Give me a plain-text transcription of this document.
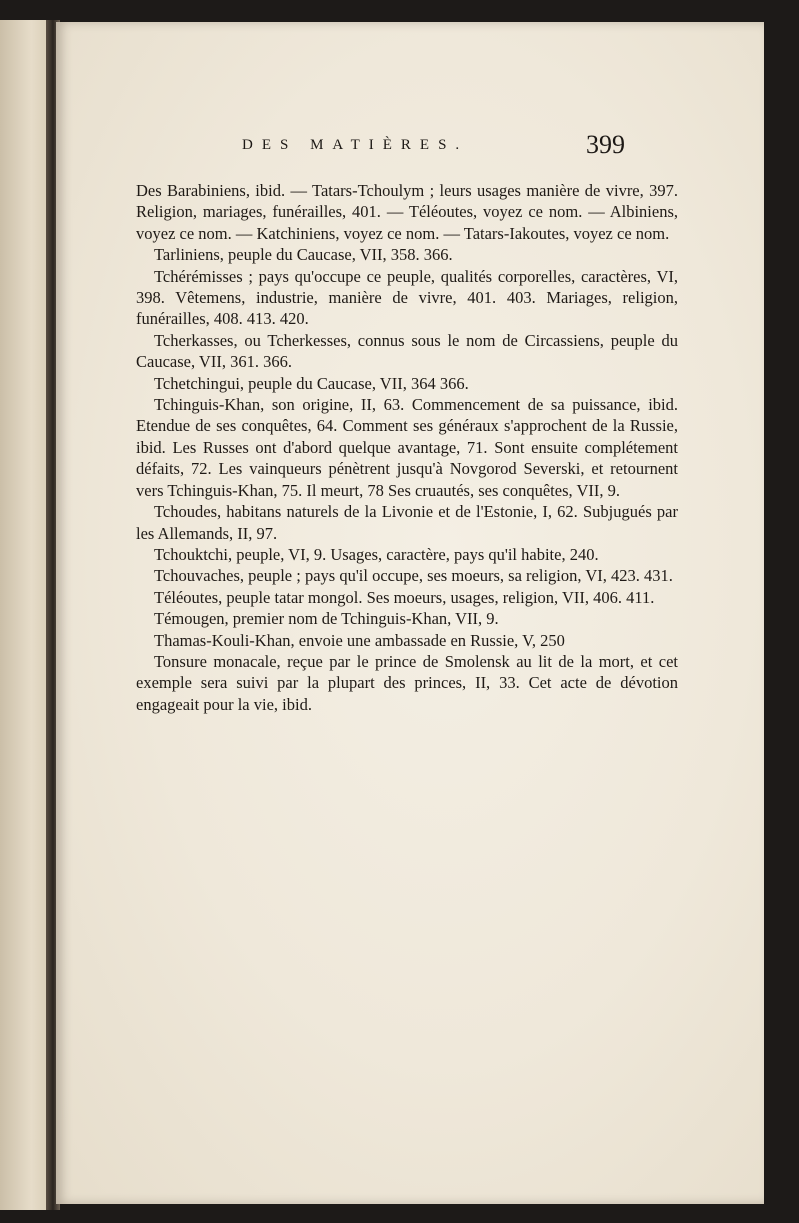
DES MATIÈRES.	399

Des Barabiniens, ibid. — Tatars-Tchoulym ; leurs usages manière de vivre, 397. Religion, mariages, funérailles, 401. — Téléoutes, voyez ce nom. — Albiniens, voyez ce nom. — Katchiniens, voyez ce nom. — Tatars-Iakoutes, voyez ce nom.

Tarliniens, peuple du Caucase, VII, 358. 366.

Tchérémisses ; pays qu'occupe ce peuple, qualités corporelles, caractères, VI, 398. Vêtemens, industrie, manière de vivre, 401. 403. Mariages, religion, funérailles, 408. 413. 420.

Tcherkasses, ou Tcherkesses, connus sous le nom de Circassiens, peuple du Caucase, VII, 361. 366.

Tchetchingui, peuple du Caucase, VII, 364 366.

Tchinguis-Khan, son origine, II, 63. Commencement de sa puissance, ibid. Etendue de ses conquêtes, 64. Comment ses généraux s'approchent de la Russie, ibid. Les Russes ont d'abord quelque avantage, 71. Sont ensuite complétement défaits, 72. Les vainqueurs pénètrent jusqu'à Novgorod Severski, et retournent vers Tchinguis-Khan, 75. Il meurt, 78 Ses cruautés, ses conquêtes, VII, 9.

Tchoudes, habitans naturels de la Livonie et de l'Estonie, I, 62. Subjugués par les Allemands, II, 97.

Tchouktchi, peuple, VI, 9. Usages, caractère, pays qu'il habite, 240.

Tchouvaches, peuple ; pays qu'il occupe, ses moeurs, sa religion, VI, 423. 431.

Téléoutes, peuple tatar mongol. Ses moeurs, usages, religion, VII, 406. 411.

Témougen, premier nom de Tchinguis-Khan, VII, 9.

Thamas-Kouli-Khan, envoie une ambassade en Russie, V, 250

Tonsure monacale, reçue par le prince de Smolensk au lit de la mort, et cet exemple sera suivi par la plupart des princes, II, 33. Cet acte de dévotion engageait pour la vie, ibid.
